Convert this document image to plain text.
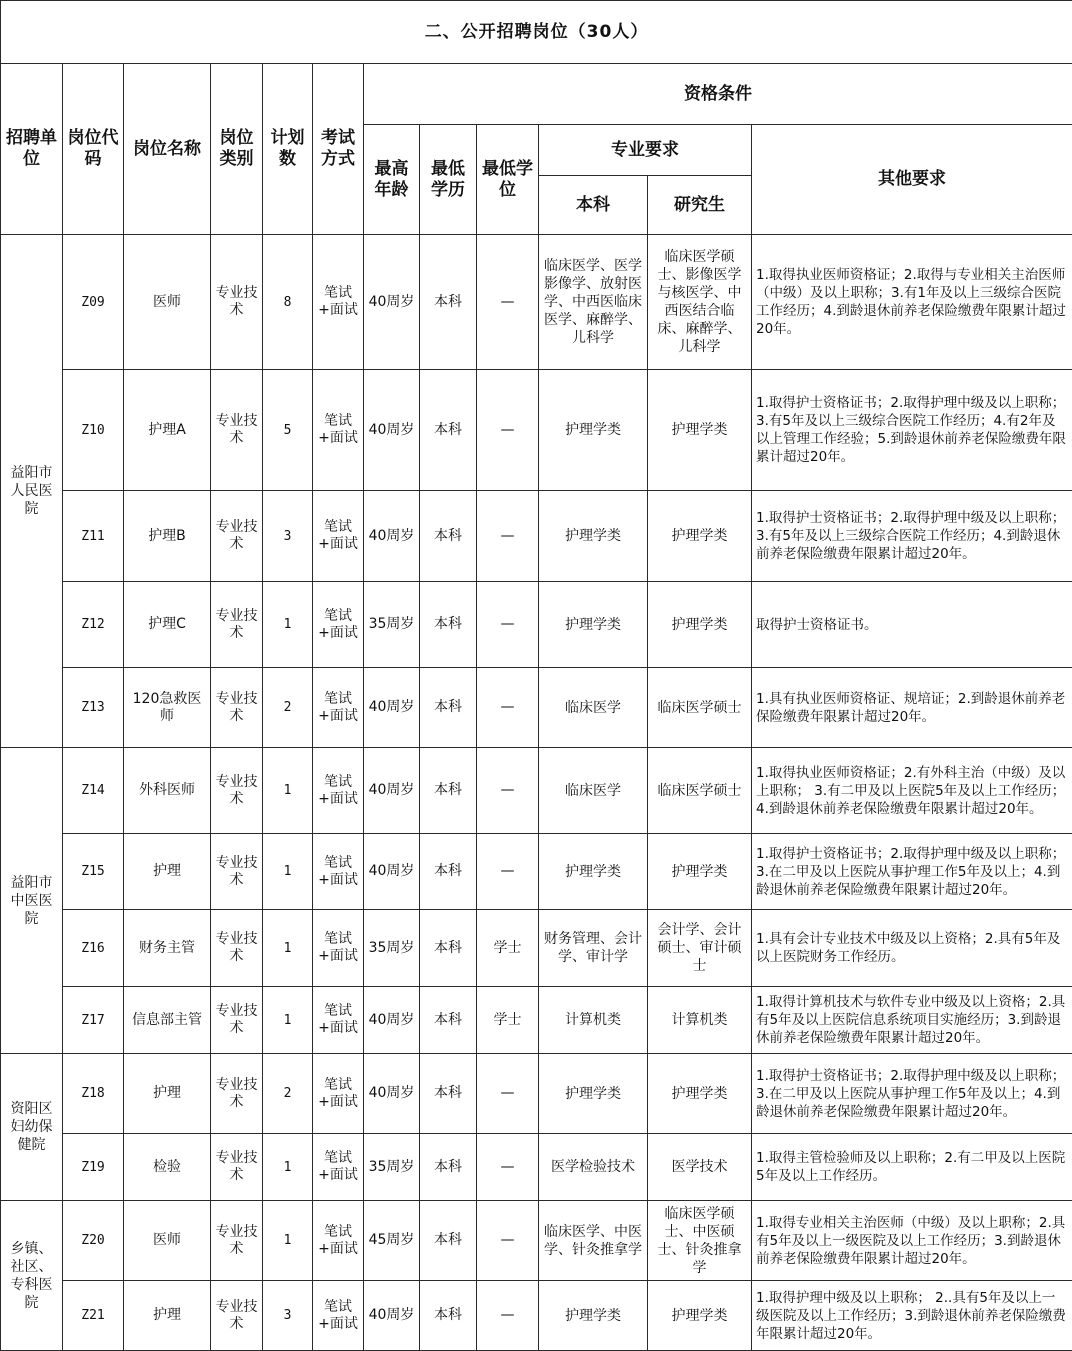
二、公开招聘岗位（30人）											
招聘单位	岗位代码	岗位名称	岗位类别	计划数	考试方式	资格条件					
						最高年龄	最低学历	最低学位	专业要求		其他要求
									本科	研究生	
益阳市人民医院	Z09	医师	专业技术	8	笔试+面试	40周岁	本科	—	临床医学、医学影像学、放射医学、中西医临床医学、麻醉学、儿科学	临床医学硕士、影像医学与核医学、中西医结合临床、麻醉学、儿科学	1.取得执业医师资格证；2.取得与专业相关主治医师（中级）及以上职称；3.有1年及以上三级综合医院工作经历；4.到龄退休前养老保险缴费年限累计超过20年。

	Z10	护理A	专业技术	5	笔试+面试	40周岁	本科	—	护理学类	护理学类	1.取得护士资格证书；2.取得护理中级及以上职称；3.有5年及以上三级综合医院工作经历；4.有2年及以上管理工作经验；5.到龄退休前养老保险缴费年限累计超过20年。

	Z11	护理B	专业技术	3	笔试+面试	40周岁	本科	—	护理学类	护理学类	1.取得护士资格证书；2.取得护理中级及以上职称；3.有5年及以上三级综合医院工作经历；4.到龄退休前养老保险缴费年限累计超过20年。

	Z12	护理C	专业技术	1	笔试+面试	35周岁	本科	—	护理学类	护理学类	取得护士资格证书。

	Z13	120急救医师	专业技术	2	笔试+面试	40周岁	本科	—	临床医学	临床医学硕士	1.具有执业医师资格证、规培证；2.到龄退休前养老保险缴费年限累计超过20年。

益阳市中医医院	Z14	外科医师	专业技术	1	笔试+面试	40周岁	本科	—	临床医学	临床医学硕士	1.取得执业医师资格证；2.有外科主治（中级）及以上职称； 3.有二甲及以上医院5年及以上工作经历；4.到龄退休前养老保险缴费年限累计超过20年。

	Z15	护理	专业技术	1	笔试+面试	40周岁	本科	—	护理学类	护理学类	1.取得护士资格证书；2.取得护理中级及以上职称；3.在二甲及以上医院从事护理工作5年及以上；4.到龄退休前养老保险缴费年限累计超过20年。

	Z16	财务主管	专业技术	1	笔试+面试	35周岁	本科	学士	财务管理、会计学、审计学	会计学、会计硕士、审计硕士	1.具有会计专业技术中级及以上资格；2.具有5年及以上医院财务工作经历。

	Z17	信息部主管	专业技术	1	笔试+面试	40周岁	本科	学士	计算机类	计算机类	1.取得计算机技术与软件专业中级及以上资格；2.具有5年及以上医院信息系统项目实施经历；3.到龄退休前养老保险缴费年限累计超过20年。

资阳区妇幼保健院	Z18	护理	专业技术	2	笔试+面试	40周岁	本科	—	护理学类	护理学类	1.取得护士资格证书；2.取得护理中级及以上职称；3.在二甲及以上医院从事护理工作5年及以上；4.到龄退休前养老保险缴费年限累计超过20年。

	Z19	检验	专业技术	1	笔试+面试	35周岁	本科	—	医学检验技术	医学技术	1.取得主管检验师及以上职称；2.有二甲及以上医院5年及以上工作经历。

乡镇、社区、专科医院	Z20	医师	专业技术	1	笔试+面试	45周岁	本科	—	临床医学、中医学、针灸推拿学	临床医学硕士、中医硕士、针灸推拿学	1.取得专业相关主治医师（中级）及以上职称；2.具有5年及以上一级医院及以上工作经历；3.到龄退休前养老保险缴费年限累计超过20年。

	Z21	护理	专业技术	3	笔试+面试	40周岁	本科	—	护理学类	护理学类	1.取得护理中级及以上职称； 2..具有5年及以上一级医院及以上工作经历；3.到龄退休前养老保险缴费年限累计超过20年。
